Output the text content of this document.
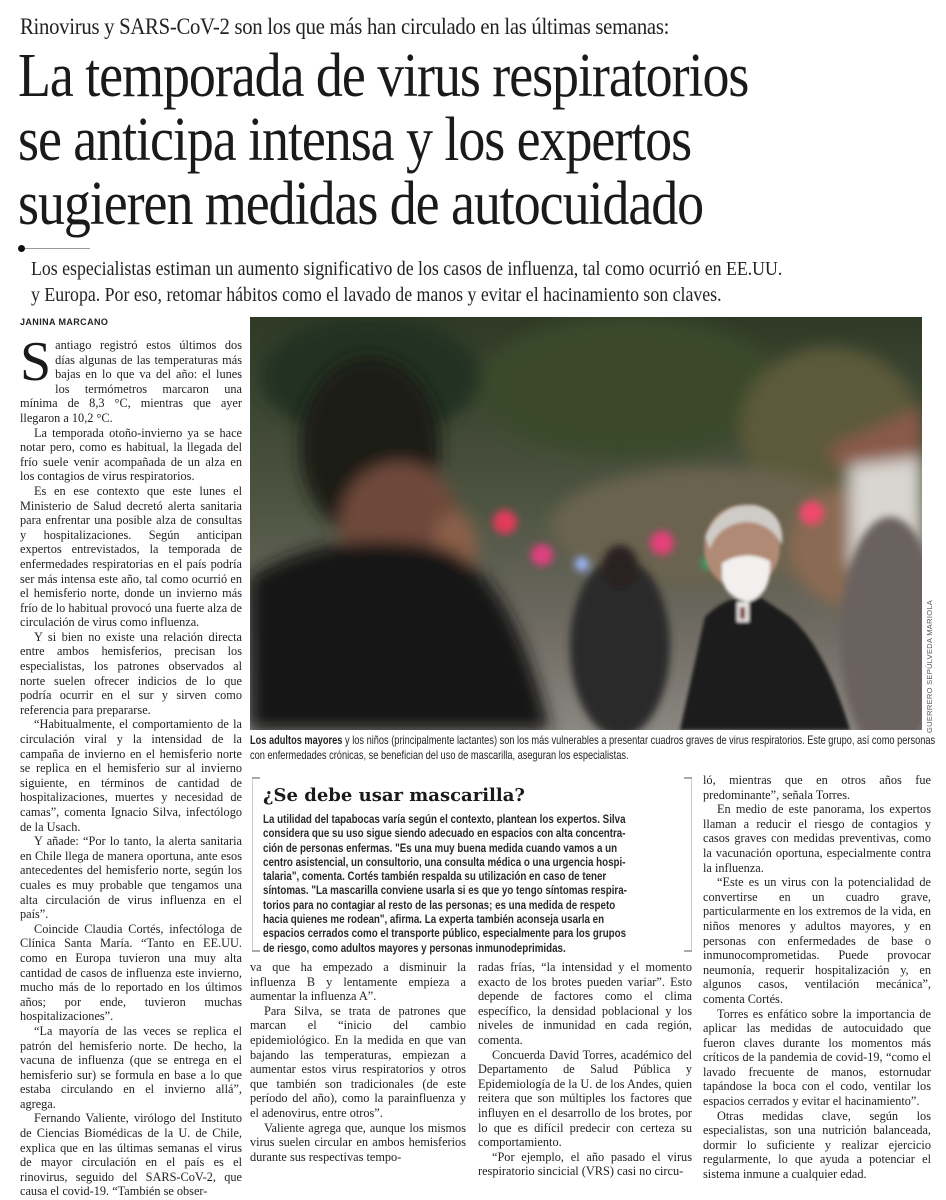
Rinovirus y SARS-CoV-2 son los que más han circulado en las últimas semanas:
La temporada de virus respiratorios
se anticipa intensa y los expertos
sugieren medidas de autocuidado
Los especialistas estiman un aumento significativo de los casos de influenza, tal como ocurrió en EE.UU.
y Europa. Por eso, retomar hábitos como el lavado de manos y evitar el hacinamiento son claves.
JANINA MARCANO

Santiago registró estos últimos dos días algunas de las temperaturas más bajas en lo que va del año: el lunes los termómetros marcaron una mínima de 8,3 °C, mientras que ayer llegaron a 10,2 °C.

La temporada otoño-invierno ya se hace notar pero, como es habitual, la llegada del frío suele venir acompañada de un alza en los contagios de virus respiratorios.

Es en ese contexto que este lunes el Ministerio de Salud decretó alerta sanitaria para enfrentar una posible alza de consultas y hospitalizaciones. Según anticipan expertos entrevistados, la temporada de enfermedades respiratorias en el país podría ser más intensa este año, tal como ocurrió en el hemisferio norte, donde un invierno más frío de lo habitual provocó una fuerte alza de circulación de virus como influenza.

Y si bien no existe una relación directa entre ambos hemisferios, precisan los especialistas, los patrones observados al norte suelen ofrecer indicios de lo que podría ocurrir en el sur y sirven como referencia para prepararse.

“Habitualmente, el comportamiento de la circulación viral y la intensidad de la campaña de invierno en el hemisferio norte se replica en el hemisferio sur al invierno siguiente, en términos de cantidad de hospitalizaciones, muertes y necesidad de camas”, comenta Ignacio Silva, infectólogo de la Usach.

Y añade: “Por lo tanto, la alerta sanitaria en Chile llega de manera oportuna, ante esos antecedentes del hemisferio norte, según los cuales es muy probable que tengamos una alta circulación de virus influenza en el país”.

Coincide Claudia Cortés, infectóloga de Clínica Santa María. “Tanto en EE.UU. como en Europa tuvieron una muy alta cantidad de casos de influenza este invierno, mucho más de lo reportado en los últimos años; por ende, tuvieron muchas hospitalizaciones”.

“La mayoría de las veces se replica el patrón del hemisferio norte. De hecho, la vacuna de influenza (que se entrega en el hemisferio sur) se formula en base a lo que estaba circulando en el invierno allá”, agrega.

Fernando Valiente, virólogo del Instituto de Ciencias Biomédicas de la U. de Chile, explica que en las últimas semanas el virus de mayor circulación en el país es el rinovirus, seguido del SARS-CoV-2, que causa el covid-19. “También se obser-

GUERRERO SEPÚLVEDA MARIOLA
Los adultos mayores y los niños (principalmente lactantes) son los más vulnerables a presentar cuadros graves de virus respiratorios. Este grupo, así como personas con enfermedades crónicas, se benefician del uso de mascarilla, aseguran los especialistas.
¿Se debe usar mascarilla?
La utilidad del tapabocas varía según el contexto, plantean los expertos. Silva
considera que su uso sigue siendo adecuado en espacios con alta concentra-
ción de personas enfermas. "Es una muy buena medida cuando vamos a un
centro asistencial, un consultorio, una consulta médica o una urgencia hospi-
talaria", comenta. Cortés también respalda su utilización en caso de tener
síntomas. "La mascarilla conviene usarla si es que yo tengo síntomas respira-
torios para no contagiar al resto de las personas; es una medida de respeto
hacia quienes me rodean", afirma. La experta también aconseja usarla en
espacios cerrados como el transporte público, especialmente para los grupos
de riesgo, como adultos mayores y personas inmunodeprimidas.

va que ha empezado a disminuir la influenza B y lentamente empieza a aumentar la influenza A”.

Para Silva, se trata de patrones que marcan el “inicio del cambio epidemiológico. En la medida en que van bajando las temperaturas, empiezan a aumentar estos virus respiratorios y otros que también son tradicionales (de este período del año), como la parainfluenza y el adenovirus, entre otros”.

Valiente agrega que, aunque los mismos virus suelen circular en ambos hemisferios durante sus respectivas tempo-

radas frías, “la intensidad y el momento exacto de los brotes pueden variar”. Esto depende de factores como el clima específico, la densidad poblacional y los niveles de inmunidad en cada región, comenta.

Concuerda David Torres, académico del Departamento de Salud Pública y Epidemiología de la U. de los Andes, quien reitera que son múltiples los factores que influyen en el desarrollo de los brotes, por lo que es difícil predecir con certeza su comportamiento.

“Por ejemplo, el año pasado el virus respiratorio sincicial (VRS) casi no circu-

ló, mientras que en otros años fue predominante”, señala Torres.

En medio de este panorama, los expertos llaman a reducir el riesgo de contagios y casos graves con medidas preventivas, como la vacunación oportuna, especialmente contra la influenza.

“Este es un virus con la potencialidad de convertirse en un cuadro grave, particularmente en los extremos de la vida, en niños menores y adultos mayores, y en personas con enfermedades de base o inmunocomprometidas. Puede provocar neumonía, requerir hospitalización y, en algunos casos, ventilación mecánica”, comenta Cortés.

Torres es enfático sobre la importancia de aplicar las medidas de autocuidado que fueron claves durante los momentos más críticos de la pandemia de covid-19, “como el lavado frecuente de manos, estornudar tapándose la boca con el codo, ventilar los espacios cerrados y evitar el hacinamiento”.

Otras medidas clave, según los especialistas, son una nutrición balanceada, dormir lo suficiente y realizar ejercicio regularmente, lo que ayuda a potenciar el sistema inmune a cualquier edad.
